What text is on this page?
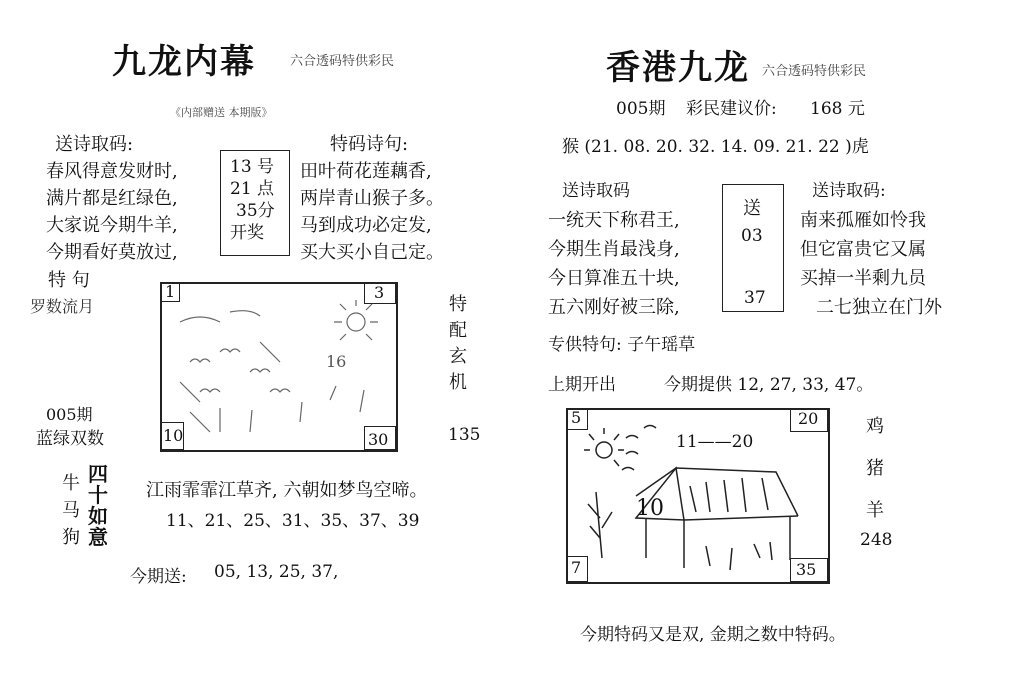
九龙内幕	六合透码特供彩民
《内部赠送 本期版》
送诗取码:
春风得意发财时,
满片都是红绿色,
大家说今期牛羊,
今期看好莫放过,
13 号
21 点
35分
开奖
特码诗句:
田叶荷花莲藕香,
两岸青山猴子多。
马到成功必定发,
买大买小自己定。
特 句
罗数流月
1	3
10	30
16	特配玄机
135
005期
蓝绿双数
牛
马
狗
四十如意
江雨霏霏江草齐, 六朝如梦鸟空啼。
11、21、25、31、35、37、39
今期送: 05, 13, 25, 37,
香港九龙 六合透码特供彩民
005期 彩民建议价: 168 元
猴 (21. 08. 20. 32. 14. 09. 21. 22 )虎
送诗取码
一统天下称君王,
今期生肖最浅身,
今日算准五十块,
五六刚好被三除,
送
03
37
送诗取码:
南来孤雁如怜我
但它富贵它又属
买掉一半剩九员
二七独立在门外
专供特句: 子午瑶草
上期开出	今期提供 12, 27, 33, 47。
5	20
7	35
11——20
10
鸡
猪
羊
248
今期特码又是双, 金期之数中特码。
